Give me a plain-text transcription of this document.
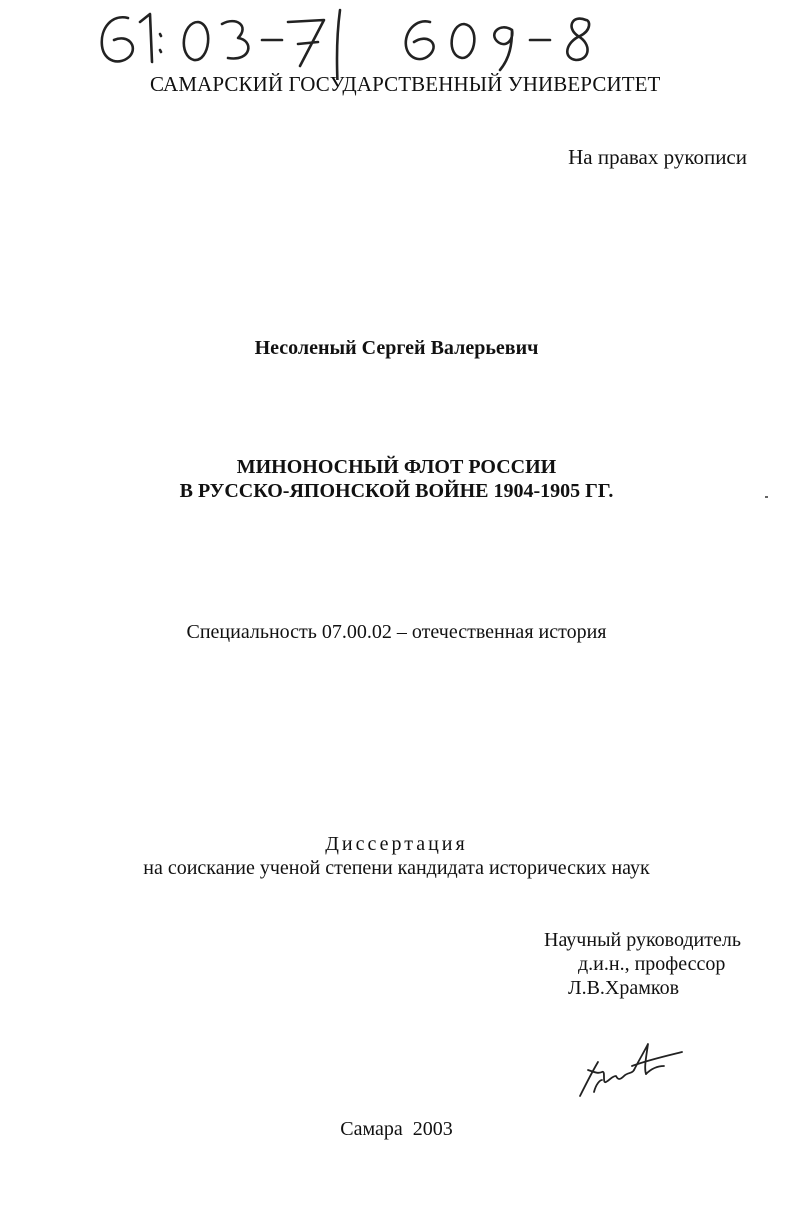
САМАРСКИЙ ГОСУДАРСТВЕННЫЙ УНИВЕРСИТЕТ
На правах рукописи
Несоленый Сергей Валерьевич
МИНОНОСНЫЙ ФЛОТ РОССИИ
В РУССКО-ЯПОНСКОЙ ВОЙНЕ 1904-1905 ГГ.
Специальность 07.00.02 – отечественная история
Диссертация
на соискание ученой степени кандидата исторических наук
Научный руководитель
д.и.н., профессор
Л.В.Храмков
Самара  2003
